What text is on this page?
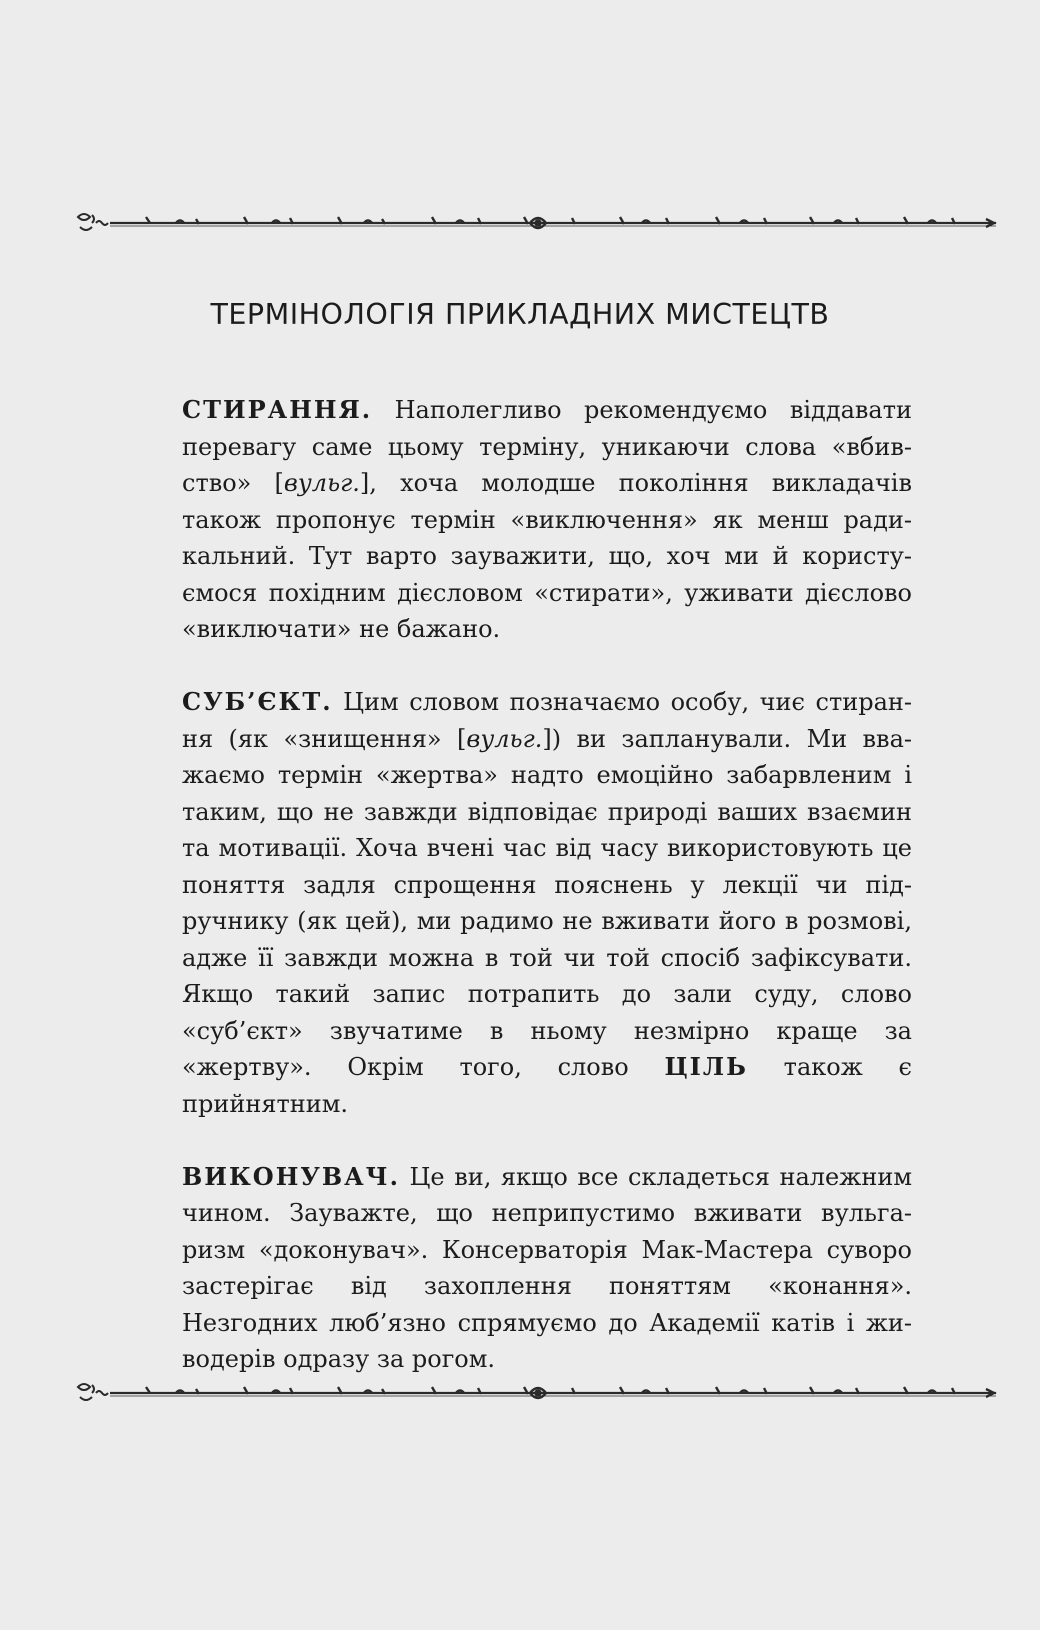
ТЕРМІНОЛОГІЯ ПРИКЛАДНИХ МИСТЕЦТВ

СТИРАННЯ. Наполегливо рекомендуємо віддавати перевагу саме цьому терміну, уникаючи слова «вбивство» [вульг.], хоча молодше покоління викладачів також пропонує термін «виключення» як менш радикальний. Тут варто зауважити, що, хоч ми й користуємося похідним дієсловом «стирати», уживати дієслово «виключати» не бажано.

СУБ’ЄКТ. Цим словом позначаємо особу, чиє стирання (як «знищення» [вульг.]) ви запланували. Ми вважаємо термін «жертва» надто емоційно забарвленим і таким, що не завжди відповідає природі ваших взаємин та мотивації. Хоча вчені час від часу використовують це поняття задля спрощення пояснень у лекції чи підручнику (як цей), ми радимо не вживати його в розмові, адже її завжди можна в той чи той спосіб зафіксувати. Якщо такий запис потрапить до зали суду, слово «суб’єкт» звучатиме в ньому незмірно краще за «жертву». Окрім того, слово ЦІЛЬ також є прийнятним.

ВИКОНУВАЧ. Це ви, якщо все складеться належним чином. Зауважте, що неприпустимо вживати вульгаризм «доконувач». Консерваторія Мак-Мастера суворо застерігає від захоплення поняттям «конання». Незгодних люб’язно спрямуємо до Академії катів і живодерів одразу за рогом.
